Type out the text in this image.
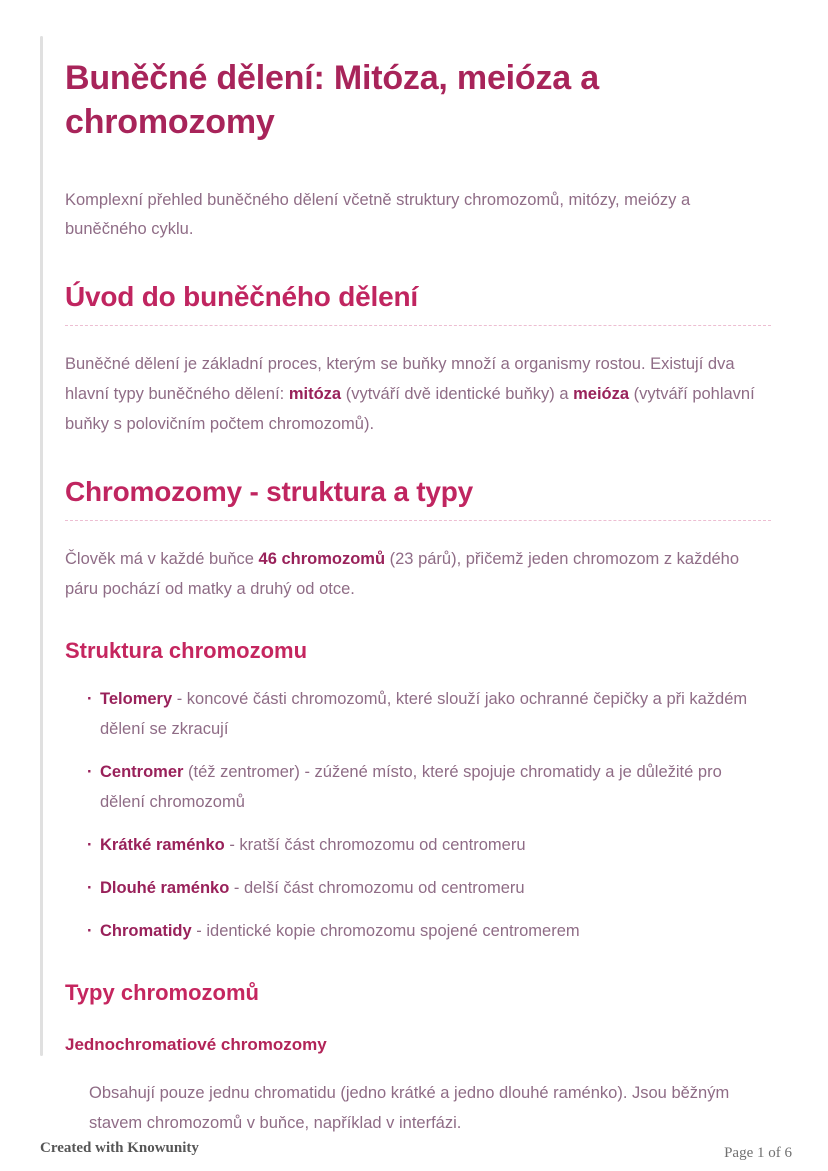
Buněčné dělení: Mitóza, meióza a chromozomy

Komplexní přehled buněčného dělení včetně struktury chromozomů, mitózy, meiózy a buněčného cyklu.

Úvod do buněčného dělení

Buněčné dělení je základní proces, kterým se buňky množí a organismy rostou. Existují dva hlavní typy buněčného dělení: mitóza (vytváří dvě identické buňky) a meióza (vytváří pohlavní buňky s polovičním počtem chromozomů).

Chromozomy - struktura a typy

Člověk má v každé buňce 46 chromozomů (23 párů), přičemž jeden chromozom z každého páru pochází od matky a druhý od otce.

Struktura chromozomu
· Telomery - koncové části chromozomů, které slouží jako ochranné čepičky a při každém dělení se zkracují
· Centromer (též zentromer) - zúžené místo, které spojuje chromatidy a je důležité pro dělení chromozomů
· Krátké raménko - kratší část chromozomu od centromeru
· Dlouhé raménko - delší část chromozomu od centromeru
· Chromatidy - identické kopie chromozomu spojené centromerem
Typy chromozomů
Jednochromatiové chromozomy

Obsahují pouze jednu chromatidu (jedno krátké a jedno dlouhé raménko). Jsou běžným stavem chromozomů v buňce, například v interfázi.

Created with Knowunity	Page 1 of 6
